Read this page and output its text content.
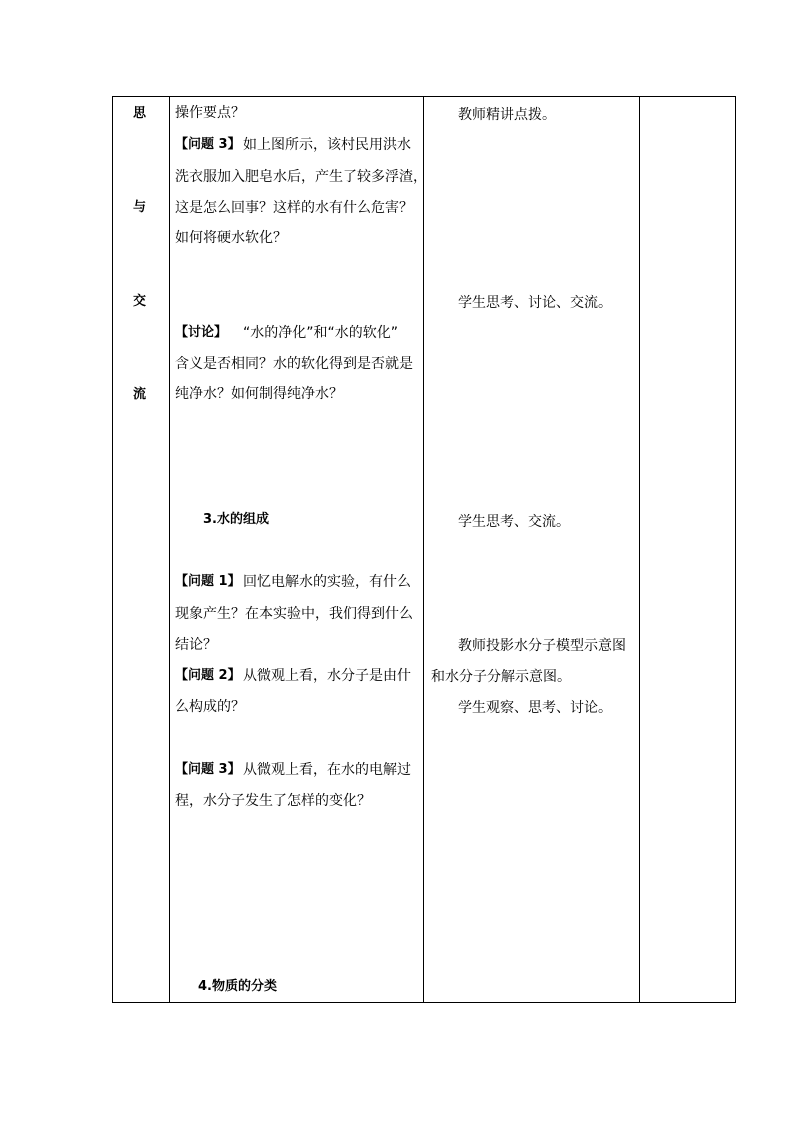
思
与
交
流
操作要点？
【问题 3】 如上图所示，该村民用洪水
洗衣服加入肥皂水后，产生了较多浮渣，
这是怎么回事？这样的水有什么危害？
如何将硬水软化？
【讨论】 “水的净化”和“水的软化”
含义是否相同？水的软化得到是否就是
纯净水？如何制得纯净水？
3.水的组成
【问题 1】 回忆电解水的实验，有什么
现象产生？在本实验中，我们得到什么
结论？
【问题 2】 从微观上看，水分子是由什
么构成的？
【问题 3】 从微观上看，在水的电解过
程，水分子发生了怎样的变化？
4.物质的分类
教师精讲点拨。
学生思考、讨论、交流。
学生思考、交流。
教师投影水分子模型示意图
和水分子分解示意图。
学生观察、思考、讨论。
